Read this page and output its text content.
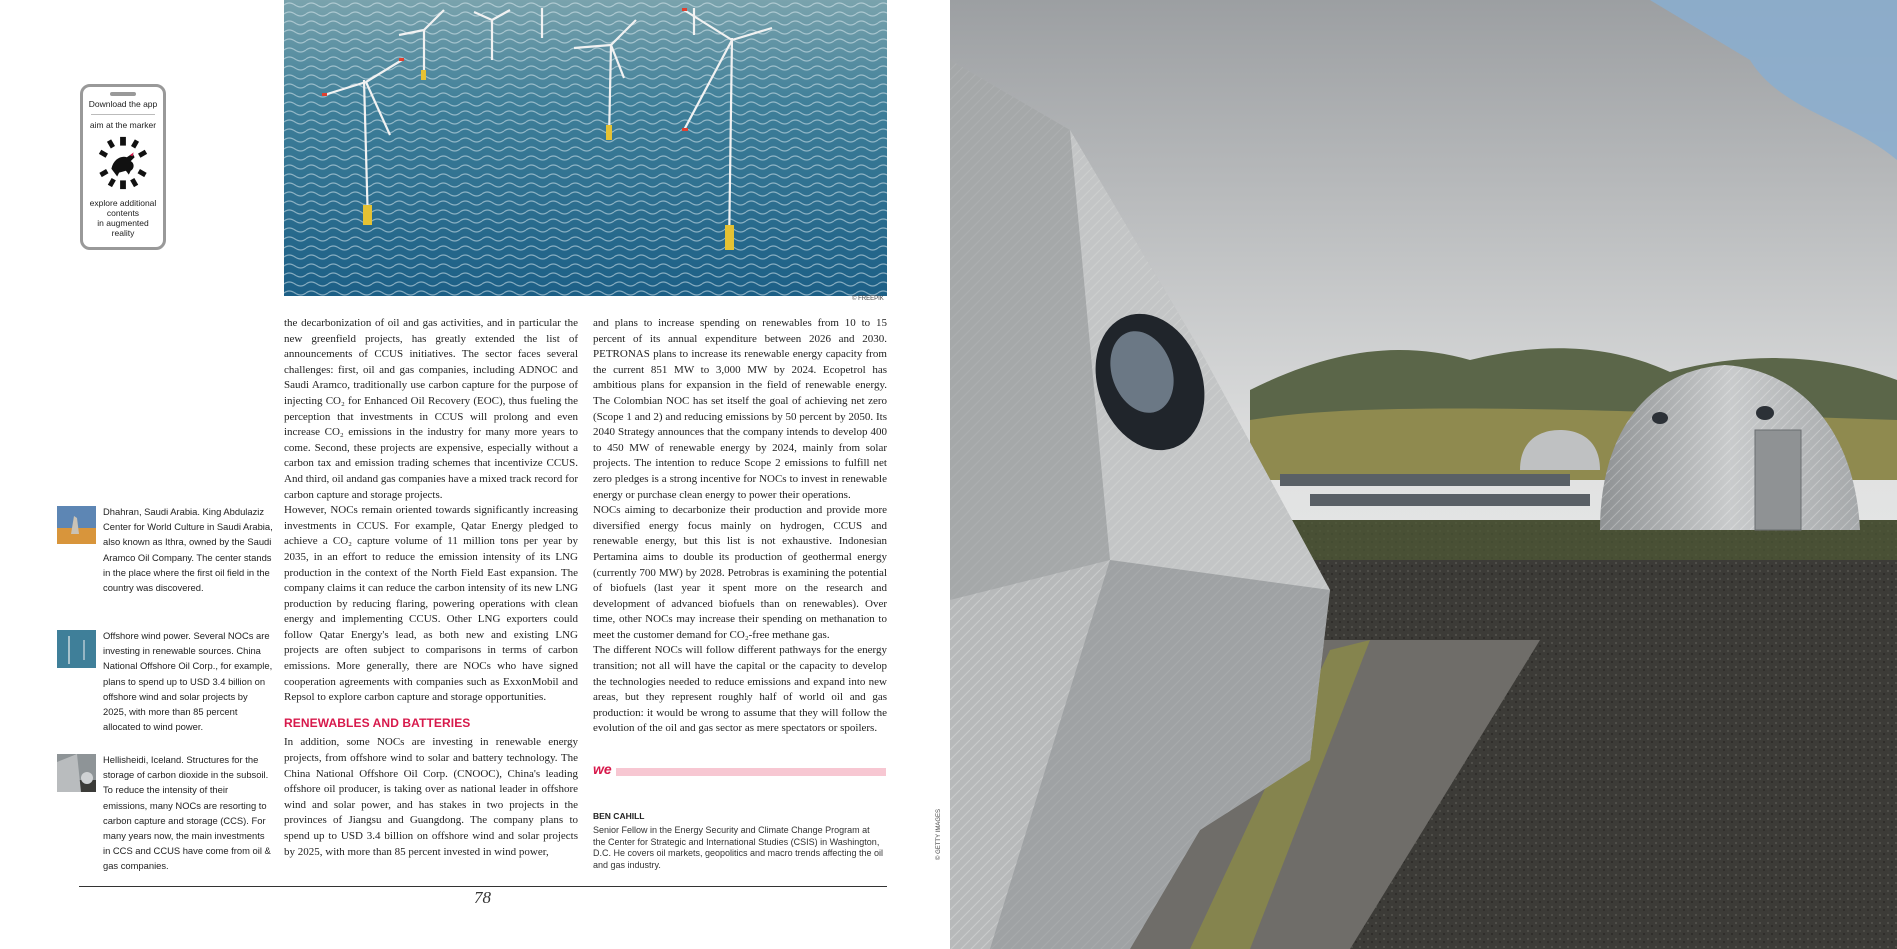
Download the app
aim at the marker
explore additional
contents
in augmented
reality
© FREEPIK
Dhahran, Saudi Arabia. King Abdulaziz Center for World Culture in Saudi Arabia, also known as Ithra, owned by the Saudi Aramco Oil Company. The center stands in the place where the first oil field in the country was discovered.
Offshore wind power. Several NOCs are investing in renewable sources. China National Offshore Oil Corp., for example, plans to spend up to USD 3.4 billion on offshore wind and solar projects by 2025, with more than 85 percent allocated to wind power.
Hellisheidi, Iceland. Structures for the storage of carbon dioxide in the subsoil. To reduce the intensity of their emissions, many NOCs are resorting to carbon capture and storage (CCS). For many years now, the main investments in CCS and CCUS have come from oil & gas companies.

the decarbonization of oil and gas activities, and in particular the new greenfield projects, has greatly extended the list of announcements of CCUS initiatives. The sector faces several challenges: first, oil and gas companies, including ADNOC and Saudi Aramco, traditionally use carbon capture for the purpose of injecting CO₂ for Enhanced Oil Recovery (EOC), thus fueling the perception that investments in CCUS will prolong and even increase CO₂ emissions in the industry for many more years to come. Second, these projects are expensive, especially without a carbon tax and emission trading schemes that incentivize CCUS. And third, oil andand gas companies have a mixed track record for carbon capture and storage projects.

However, NOCs remain oriented towards significantly increasing investments in CCUS. For example, Qatar Energy pledged to achieve a CO₂ capture volume of 11 million tons per year by 2035, in an effort to reduce the emission intensity of its LNG production in the context of the North Field East expansion. The company claims it can reduce the carbon intensity of its new LNG production by reducing flaring, powering operations with clean energy and implementing CCUS. Other LNG exporters could follow Qatar Energy's lead, as both new and existing LNG projects are often subject to comparisons in terms of carbon emissions. More generally, there are NOCs who have signed cooperation agreements with companies such as ExxonMobil and Repsol to explore carbon capture and storage opportunities.

RENEWABLES AND BATTERIES

In addition, some NOCs are investing in renewable energy projects, from offshore wind to solar and battery technology. The China National Offshore Oil Corp. (CNOOC), China's leading offshore oil producer, is taking over as national leader in offshore wind and solar power, and has stakes in two projects in the provinces of Jiangsu and Guangdong. The company plans to spend up to USD 3.4 billion on offshore wind and solar projects by 2025, with more than 85 percent invested in wind power,

and plans to increase spending on renewables from 10 to 15 percent of its annual expenditure between 2026 and 2030. PETRONAS plans to increase its renewable energy capacity from the current 851 MW to 3,000 MW by 2024. Ecopetrol has ambitious plans for expansion in the field of renewable energy. The Colombian NOC has set itself the goal of achieving net zero (Scope 1 and 2) and reducing emissions by 50 percent by 2050. Its 2040 Strategy announces that the company intends to develop 400 to 450 MW of renewable energy by 2024, mainly from solar projects. The intention to reduce Scope 2 emissions to fulfill net zero pledges is a strong incentive for NOCs to invest in renewable energy or purchase clean energy to power their operations.

NOCs aiming to decarbonize their production and provide more diversified energy focus mainly on hydrogen, CCUS and renewable energy, but this list is not exhaustive. Indonesian Pertamina aims to double its production of geothermal energy (currently 700 MW) by 2028. Petrobras is examining the potential of biofuels (last year it spent more on the research and development of advanced biofuels than on renewables). Over time, other NOCs may increase their spending on methanation to meet the customer demand for CO₂-free methane gas.

The different NOCs will follow different pathways for the energy transition; not all will have the capital or the capacity to develop the technologies needed to reduce emissions and expand into new areas, but they represent roughly half of world oil and gas production: it would be wrong to assume that they will follow the evolution of the oil and gas sector as mere spectators or spoilers.

we
BEN CAHILL
Senior Fellow in the Energy Security and Climate Change Program at the Center for Strategic and International Studies (CSIS) in Washington, D.C. He covers oil markets, geopolitics and macro trends affecting the oil and gas industry.
78
© GETTY IMAGES
